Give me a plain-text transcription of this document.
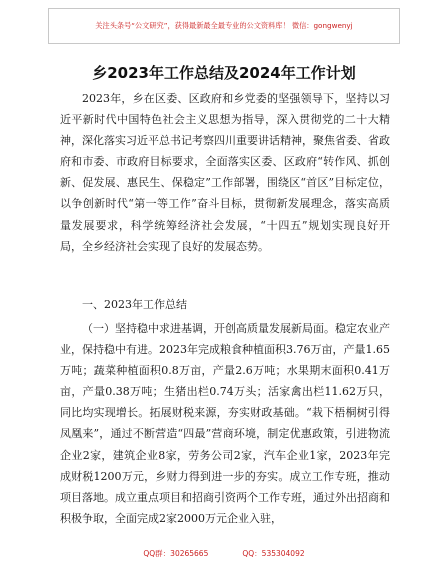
关注头条号“公文研究”，获得最新最全最专业的公文资料库！ 微信：gongwenyj
乡2023年工作总结及2024年工作计划

2023年，乡在区委、区政府和乡党委的坚强领导下，坚持以习近平新时代中国特色社会主义思想为指导，深入贯彻党的二十大精神，深化落实习近平总书记考察四川重要讲话精神，聚焦省委、省政府和市委、市政府目标要求，全面落实区委、区政府“转作风、抓创新、促发展、惠民生、保稳定”工作部署，围绕区“首区”目标定位，以争创新时代“第一等工作”奋斗目标，贯彻新发展理念，落实高质量发展要求，科学统筹经济社会发展，“十四五”规划实现良好开局，全乡经济社会实现了良好的发展态势。

一、2023年工作总结

（一）坚持稳中求进基调，开创高质量发展新局面。稳定农业产业，保持稳中有进。2023年完成粮食种植面积3.76万亩，产量1.65万吨；蔬菜种植面积0.8万亩，产量2.6万吨；水果期末面积0.41万亩，产量0.38万吨；生猪出栏0.74万头；活家禽出栏11.62万只，同比均实现增长。拓展财税来源，夯实财政基础。“栽下梧桐树引得凤凰来”，通过不断营造“四最”营商环境，制定优惠政策，引进物流企业2家，建筑企业8家，劳务公司2家，汽车企业1家，2023年完成财税1200万元，乡财力得到进一步的夯实。成立工作专班，推动项目落地。成立重点项目和招商引资两个工作专班，通过外出招商和积极争取，全面完成2家2000万元企业入驻，

QQ群：30265665	QQ：535304092
